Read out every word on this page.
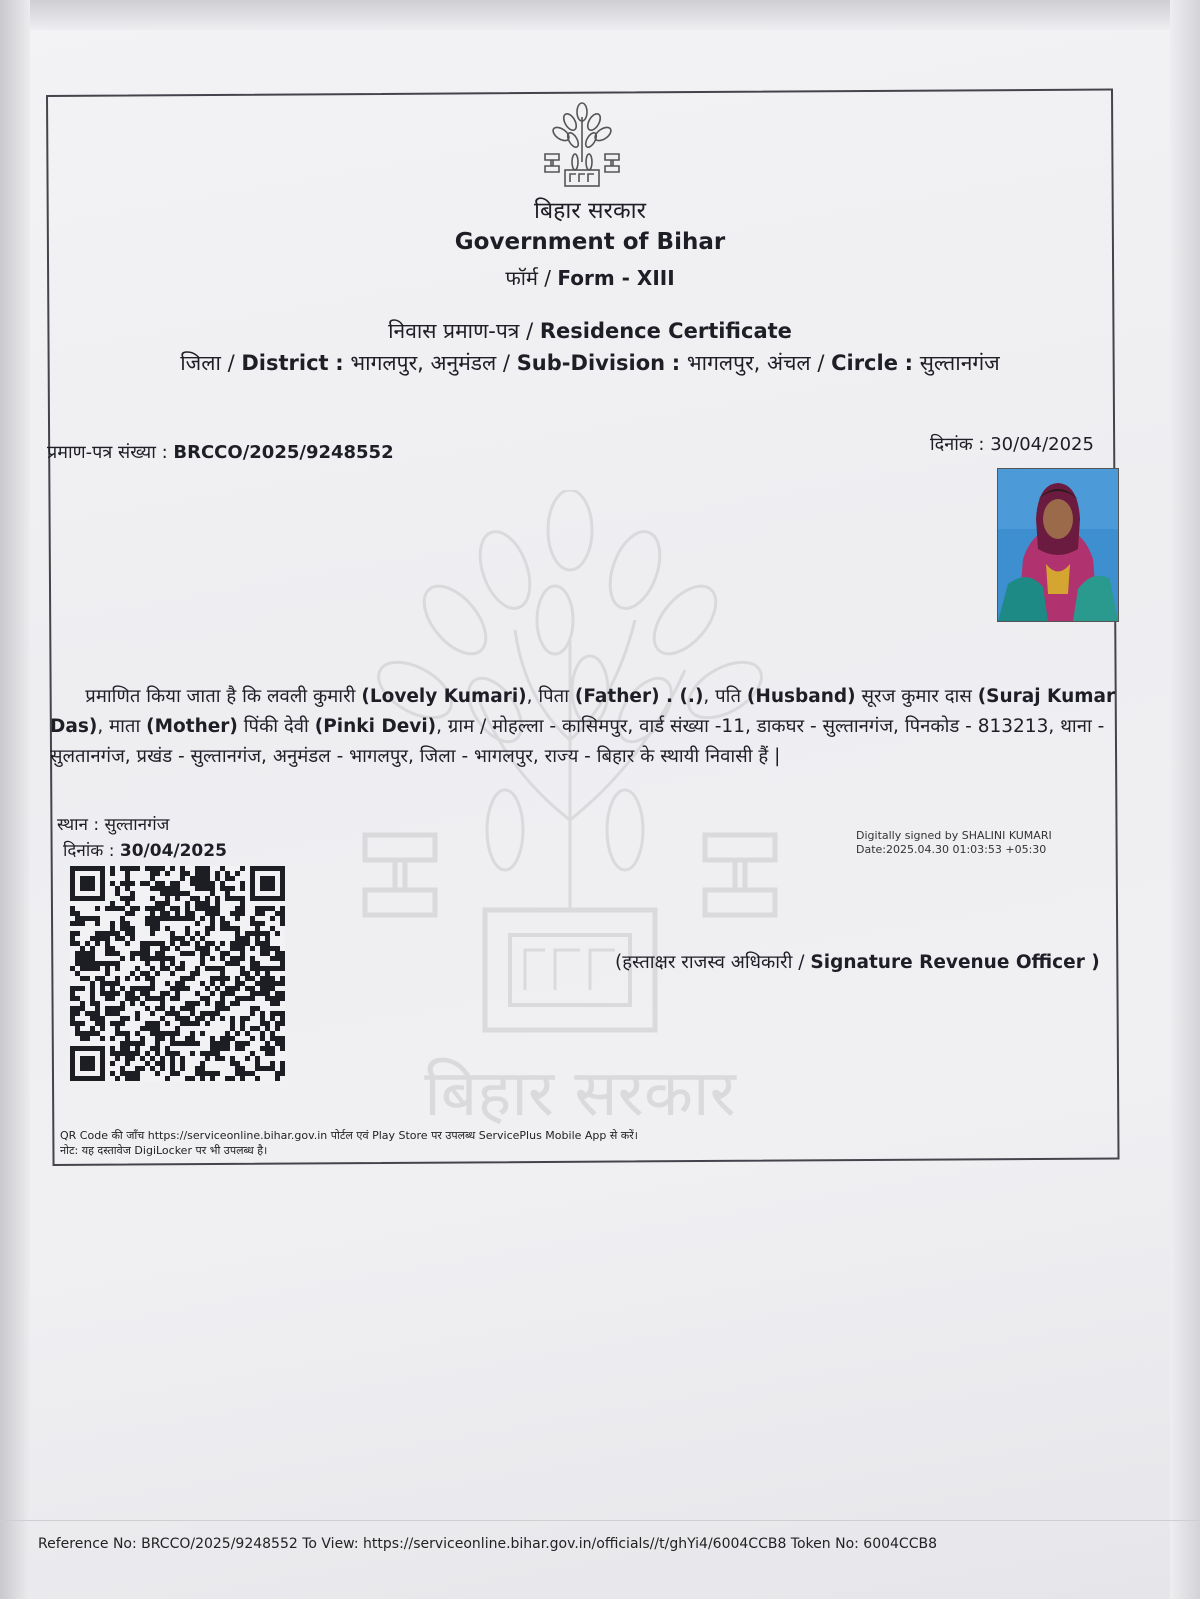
बिहार सरकार
बिहार सरकार
Government of Bihar
फॉर्म / Form - XIII
निवास प्रमाण-पत्र / Residence Certificate
जिला / District : भागलपुर, अनुमंडल / Sub-Division : भागलपुर, अंचल / Circle : सुल्तानगंज
प्रमाण-पत्र संख्या : BRCCO/2025/9248552	दिनांक : 30/04/2025
प्रमाणित किया जाता है कि लवली कुमारी (Lovely Kumari), पिता (Father) . (.), पति (Husband) सूरज कुमार दास (Suraj Kumar Das), माता (Mother) पिंकी देवी (Pinki Devi), ग्राम / मोहल्ला - कासिमपुर, वार्ड संख्या -11, डाकघर - सुल्तानगंज, पिनकोड - 813213, थाना - सुलतानगंज, प्रखंड - सुल्तानगंज, अनुमंडल - भागलपुर, जिला - भागलपुर, राज्य - बिहार के स्थायी निवासी हैं |
स्थान : सुल्तानगंज
दिनांक : 30/04/2025
Digitally signed by SHALINI KUMARI
Date:2025.04.30 01:03:53 +05:30
(हस्ताक्षर राजस्व अधिकारी / Signature Revenue Officer )
QR Code की जाँच https://serviceonline.bihar.gov.in पोर्टल एवं Play Store पर उपलब्ध ServicePlus Mobile App से करें।
नोट: यह दस्तावेज DigiLocker पर भी उपलब्ध है।
Reference No: BRCCO/2025/9248552 To View: https://serviceonline.bihar.gov.in/officials//t/ghYi4/6004CCB8 Token No: 6004CCB8
